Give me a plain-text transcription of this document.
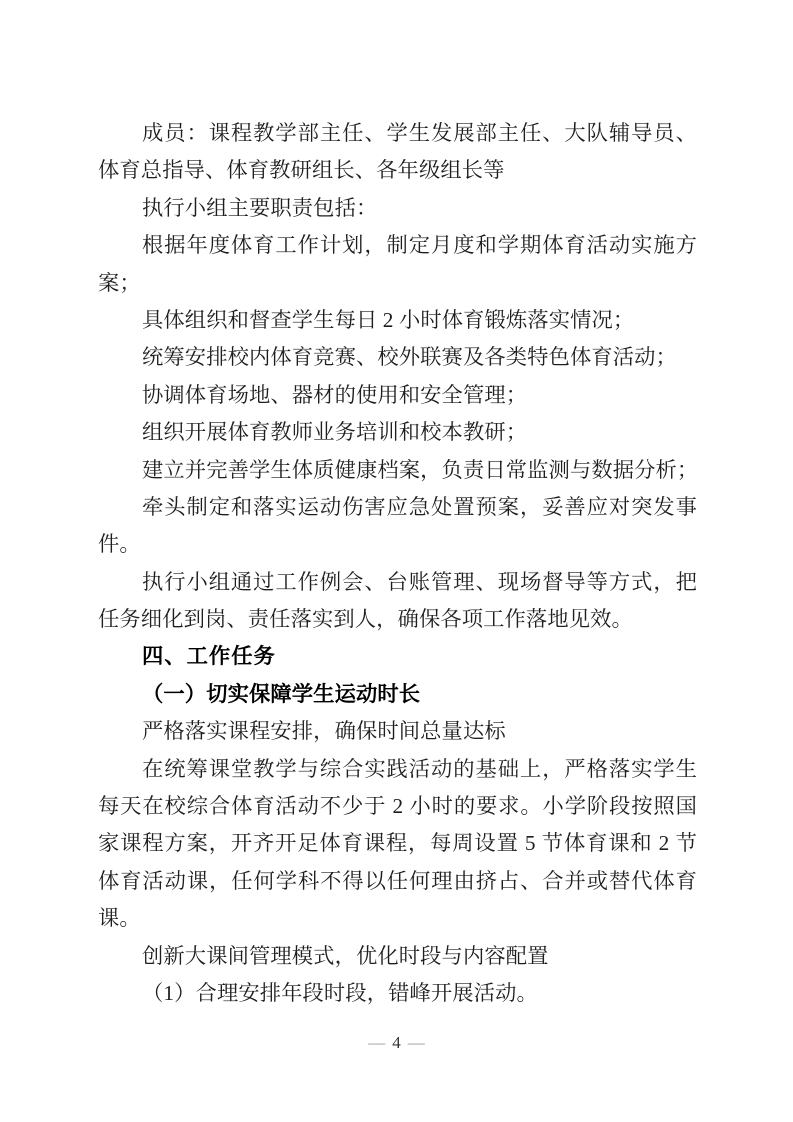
成员：课程教学部主任、学生发展部主任、大队辅导员、
体育总指导、体育教研组长、各年级组长等
执行小组主要职责包括：
根据年度体育工作计划，制定月度和学期体育活动实施方
案；
具体组织和督查学生每日 2 小时体育锻炼落实情况；
统筹安排校内体育竞赛、校外联赛及各类特色体育活动；
协调体育场地、器材的使用和安全管理；
组织开展体育教师业务培训和校本教研；
建立并完善学生体质健康档案，负责日常监测与数据分析；
牵头制定和落实运动伤害应急处置预案，妥善应对突发事
件。
执行小组通过工作例会、台账管理、现场督导等方式，把
任务细化到岗、责任落实到人，确保各项工作落地见效。
四、工作任务
（一）切实保障学生运动时长
严格落实课程安排，确保时间总量达标
在统筹课堂教学与综合实践活动的基础上，严格落实学生
每天在校综合体育活动不少于 2 小时的要求。小学阶段按照国
家课程方案，开齐开足体育课程，每周设置 5 节体育课和 2 节
体育活动课，任何学科不得以任何理由挤占、合并或替代体育
课。
创新大课间管理模式，优化时段与内容配置
（1）合理安排年段时段，错峰开展活动。
— 4 —
